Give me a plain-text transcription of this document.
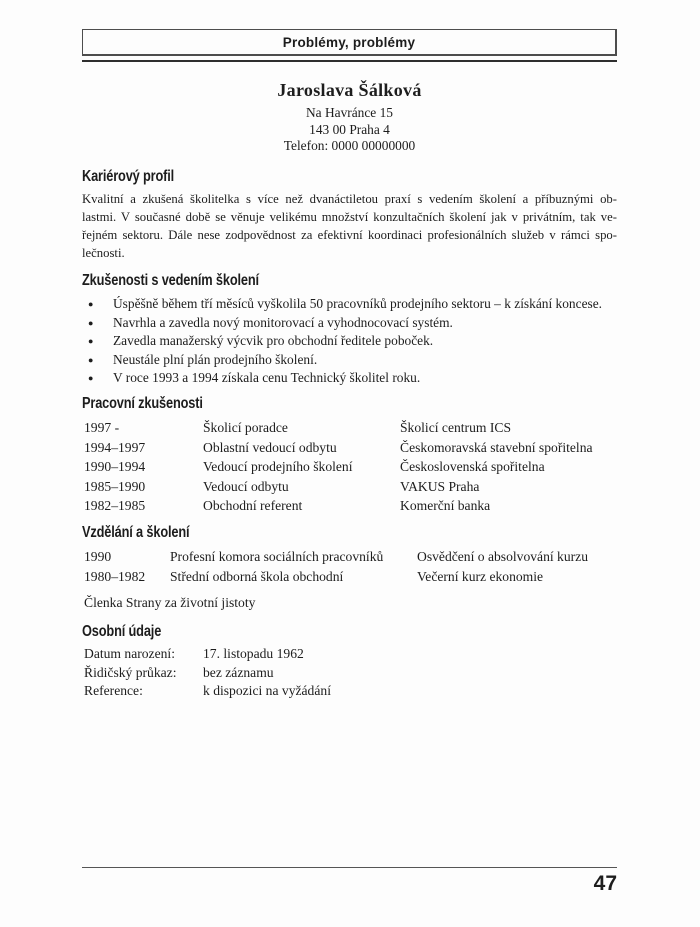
Problémy, problémy
Jaroslava Šálková
Na Havránce 15
143 00 Praha 4
Telefon: 0000 00000000
Kariérový profil
Kvalitní a zkušená školitelka s více než dvanáctiletou praxí s vedením školení a příbuznými ob-
lastmi. V současné době se věnuje velikému množství konzultačních školení jak v privátním, tak ve-
řejném sektoru. Dále nese zodpovědnost za efektivní koordinaci profesionálních služeb v rámci spo-
lečnosti.
Zkušenosti s vedením školení
●	Úspěšně během tří měsíců vyškolila 50 pracovníků prodejního sektoru – k získání koncese.
●	Navrhla a zavedla nový monitorovací a vyhodnocovací systém.
●	Zavedla manažerský výcvik pro obchodní ředitele poboček.
●	Neustále plní plán prodejního školení.
●	V roce 1993 a 1994 získala cenu Technický školitel roku.
Pracovní zkušenosti
1997 -	Školicí poradce	Školicí centrum ICS
1994–1997	Oblastní vedoucí odbytu	Českomoravská stavební spořitelna
1990–1994	Vedoucí prodejního školení	Československá spořitelna
1985–1990	Vedoucí odbytu	VAKUS Praha
1982–1985	Obchodní referent	Komerční banka
Vzdělání a školení
1990	Profesní komora sociálních pracovníků	Osvědčení o absolvování kurzu
1980–1982	Střední odborná škola obchodní	Večerní kurz ekonomie
Členka Strany za životní jistoty
Osobní údaje
Datum narození:	17. listopadu 1962
Řidičský průkaz:	bez záznamu
Reference:	k dispozici na vyžádání
47
